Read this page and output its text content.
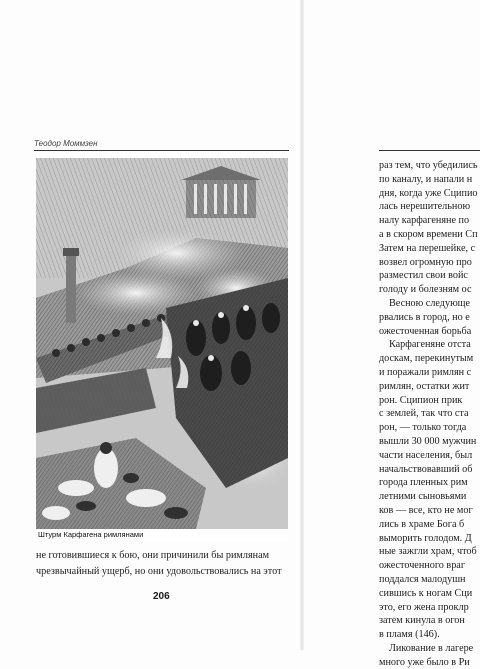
Теодор Моммзен
Штурм Карфагена римлянами

не готовившиеся к бою, они причинили бы римлянам

чрезвычайный ущерб, но они удовольствовались на этот

206

раз тем, что убедились

по каналу, и напали н

дня, когда уже Сципио

лась нерешительною

налу карфагеняне по

а в скором времени Сп

Затем на перешейке, с

возвел огромную про

разместил свои войс

голоду и болезням ос

Весною следующе

рвались в город, но е

ожесточенная борьба

Карфагеняне отста

доскам, перекинутым

и поражали римлян с

римлян, остатки жит

рон. Сципион прик

с землей, так что ста

рон, — только тогда

вышли 30 000 мужчин

части населения, был

начальствовавший об

города пленных рим

летними сыновьями

ков — все, кто не мог

лись в храме Бога б

выморить голодом. Д

ные зажгли храм, чтоб

ожесточенного враг

поддался малодушн

сившись к ногам Сци

это, его жена проклр

затем кинула в огон

в пламя (146).

Ликование в лагере

много уже было в Ри
